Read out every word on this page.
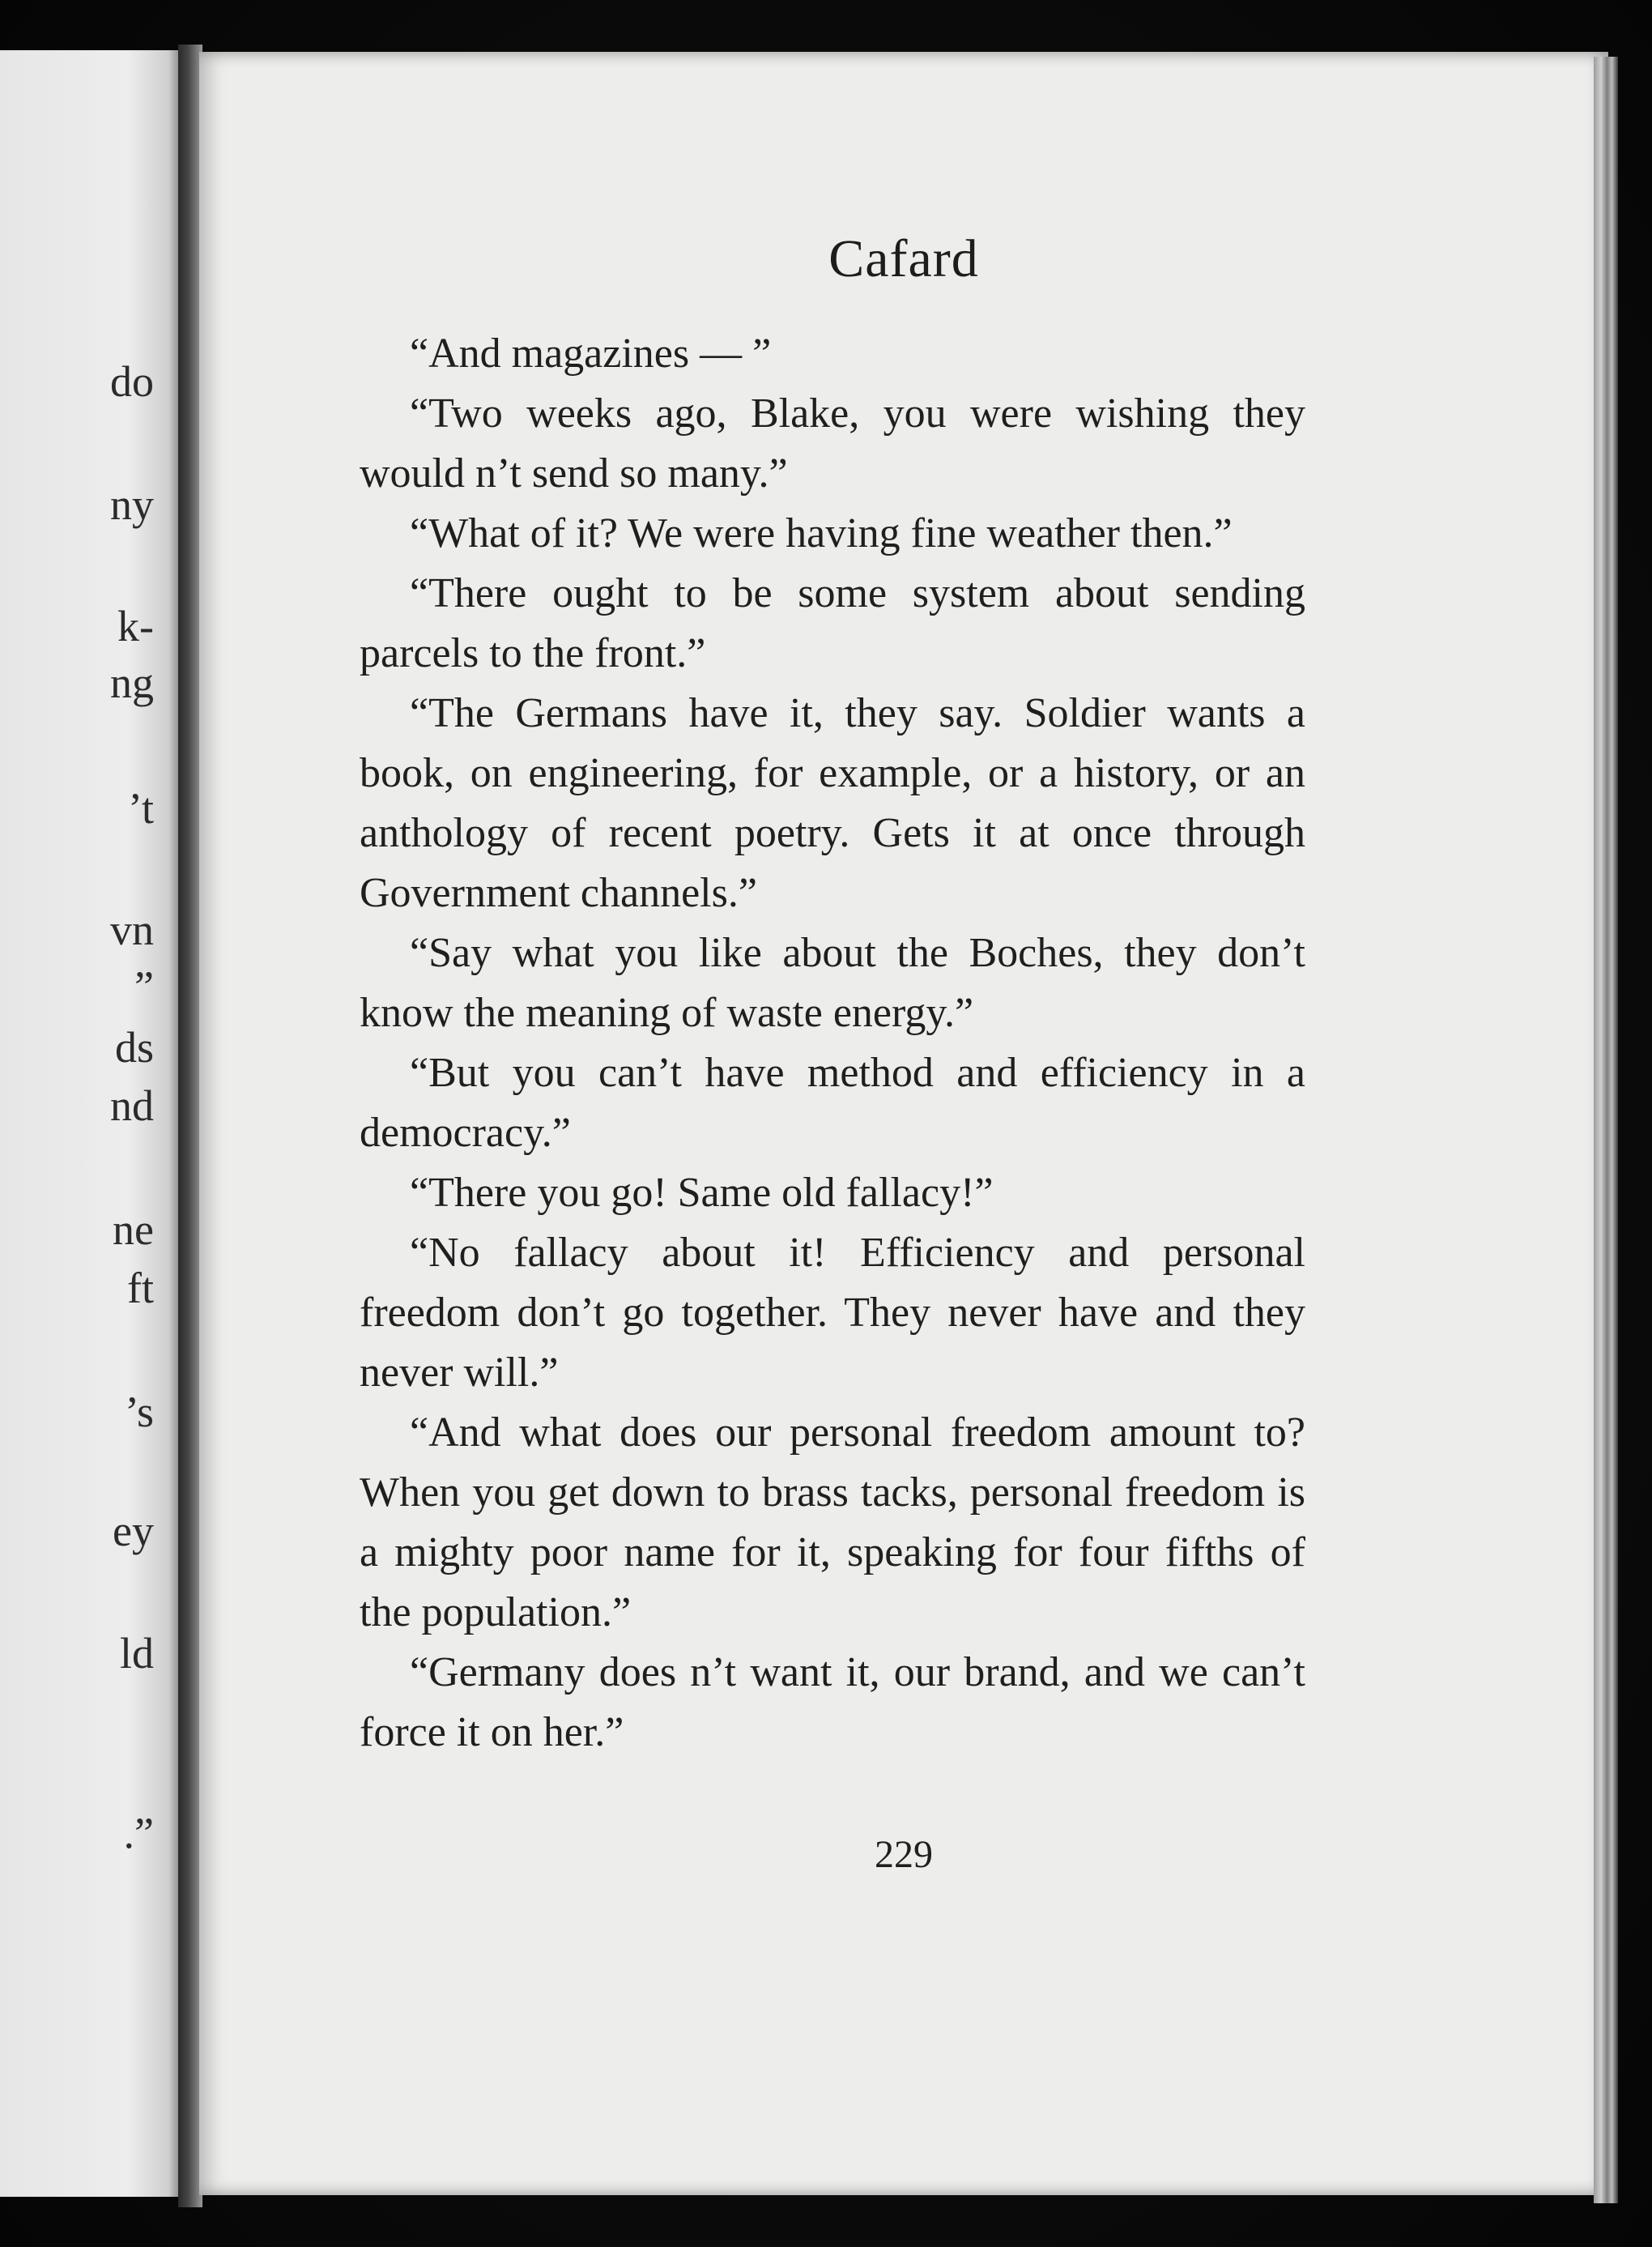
do
ny
k-
ng
’t
vn
”
ds
nd
ne
ft
’s
ey
ld
.”
Cafard

“And magazines — ”

“Two weeks ago, Blake, you were wishing they would n’t send so many.”

“What of it? We were having fine weather then.”

“There ought to be some system about sending parcels to the front.”

“The Germans have it, they say. Soldier wants a book, on engineering, for example, or a history, or an anthology of recent poetry. Gets it at once through Government channels.”

“Say what you like about the Boches, they don’t know the meaning of waste energy.”

“But you can’t have method and efficiency in a democracy.”

“There you go! Same old fallacy!”

“No fallacy about it! Efficiency and personal freedom don’t go together. They never have and they never will.”

“And what does our personal freedom amount to? When you get down to brass tacks, personal freedom is a mighty poor name for it, speaking for four fifths of the population.”

“Germany does n’t want it, our brand, and we can’t force it on her.”

229
